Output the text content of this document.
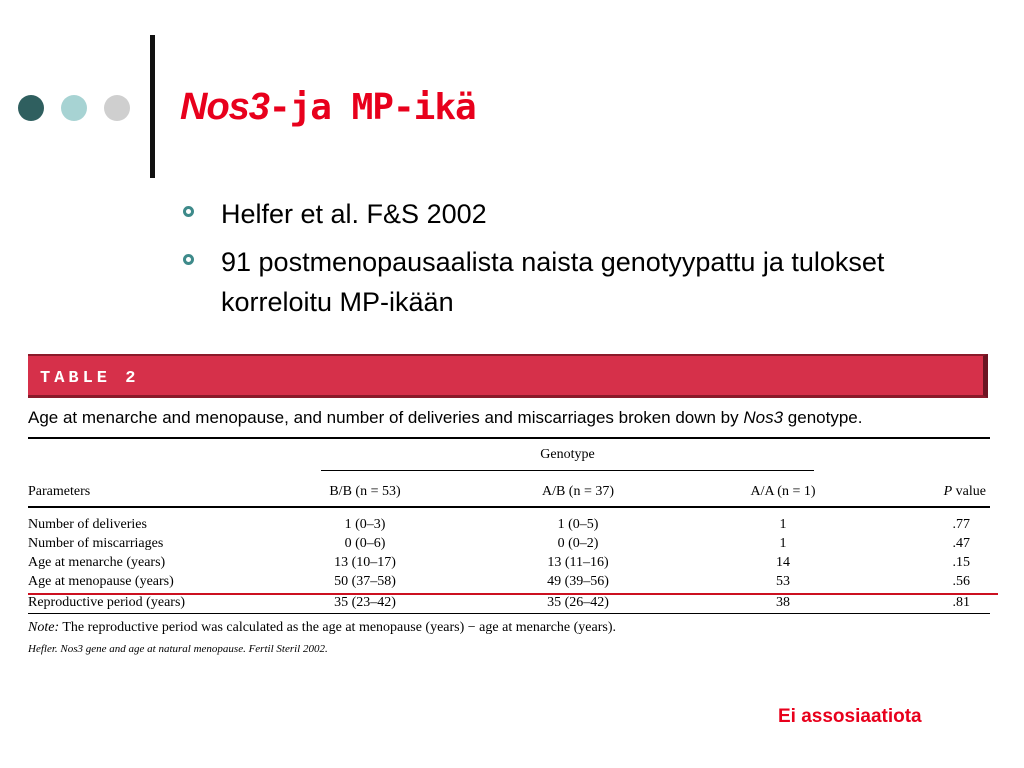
Nos3-ja MP-ikä
Helfer et al. F&S 2002
91 postmenopausaalista naista genotyypattu ja tulokset korreloitu MP-ikään
TABLE 2
Age at menarche and menopause, and number of deliveries and miscarriages broken down by Nos3 genotype.
Genotype
Parameters	B/B (n = 53)	A/B (n = 37)	A/A (n = 1)	P value
Number of deliveries	1 (0–3)	1 (0–5)	1	.77
Number of miscarriages	0 (0–6)	0 (0–2)	1	.47
Age at menarche (years)	13 (10–17)	13 (11–16)	14	.15
Age at menopause (years)	50 (37–58)	49 (39–56)	53	.56
Reproductive period (years)	35 (23–42)	35 (26–42)	38	.81
Note: The reproductive period was calculated as the age at menopause (years) − age at menarche (years).
Hefler. Nos3 gene and age at natural menopause. Fertil Steril 2002.
Ei assosiaatiota
